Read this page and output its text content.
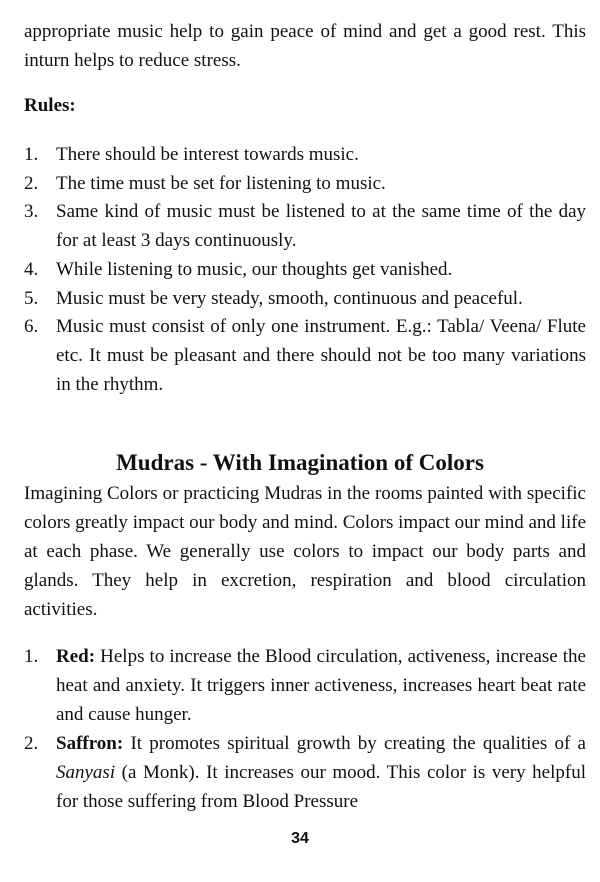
appropriate music help to gain peace of mind and get a good rest. This inturn helps to reduce stress.

Rules:
1. There should be interest towards music.
2. The time must be set for listening to music.
3. Same kind of music must be listened to at the same time of the day for at least 3 days continuously.
4. While listening to music, our thoughts get vanished.
5. Music must be very steady, smooth, continuous and peaceful.
6. Music must consist of only one instrument. E.g.: Tabla/ Veena/ Flute etc. It must be pleasant and there should not be too many variations in the rhythm.
Mudras - With Imagination of Colors

Imagining Colors or practicing Mudras in the rooms painted with specific colors greatly impact our body and mind. Colors impact our mind and life at each phase. We generally use colors to impact our body parts and glands. They help in excretion, respiration and blood circulation activities.

1. Red: Helps to increase the Blood circulation, activeness, increase the heat and anxiety. It triggers inner activeness, increases heart beat rate and cause hunger.
2. Saffron: It promotes spiritual growth by creating the qualities of a Sanyasi (a Monk). It increases our mood. This color is very helpful for those suffering from Blood Pressure
34
